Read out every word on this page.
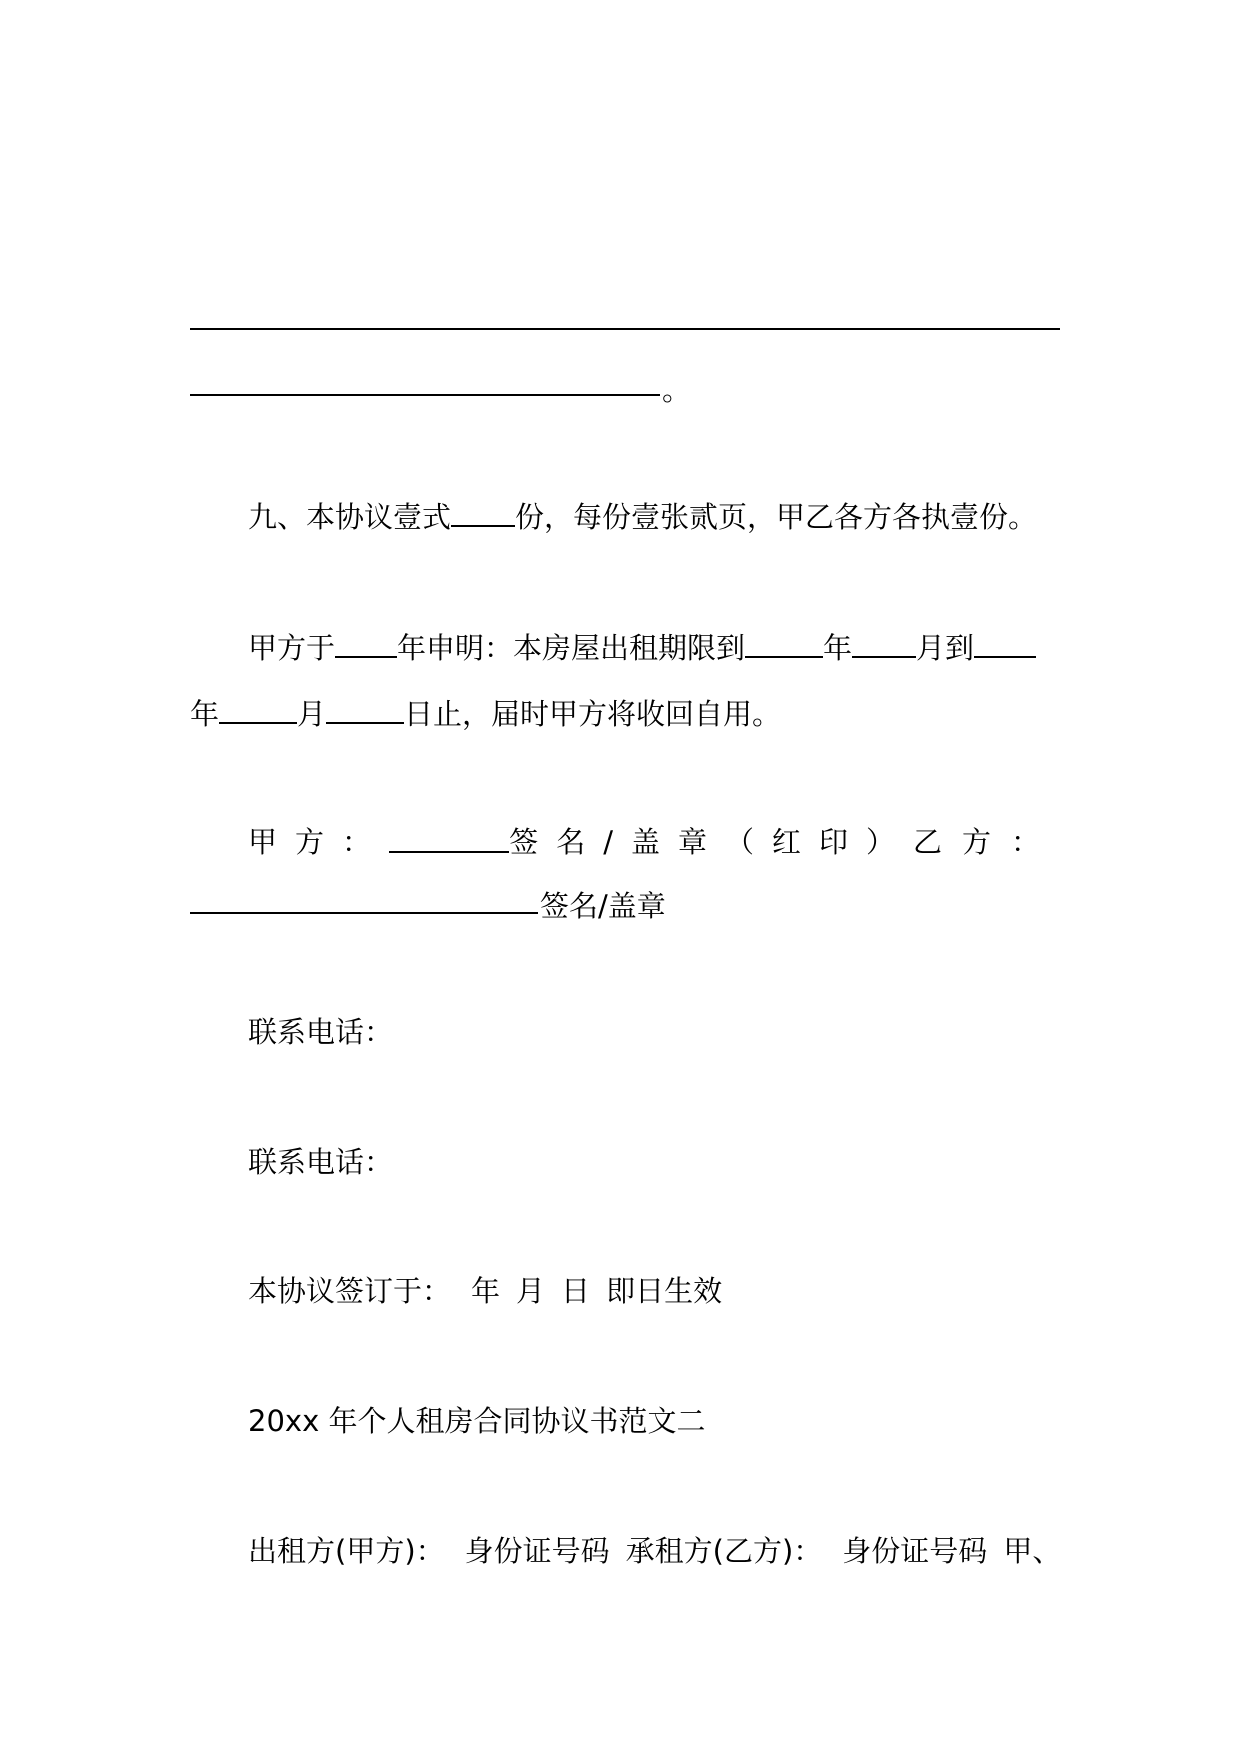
。
九、本协议壹式 份，每份壹张贰页，甲乙各方各执壹份。
甲方于 年申明：本房屋出租期限到	年 月到
年	月	日止，届时甲方将收回自用。
甲方：	签名/盖章（红印） 乙方：
签名/盖章
联系电话：
联系电话：
本协议签订于： 年 月 日 即日生效
20xx 年个人租房合同协议书范文二
出租方(甲方)： 身份证号码 承租方(乙方)： 身份证号码 甲、
